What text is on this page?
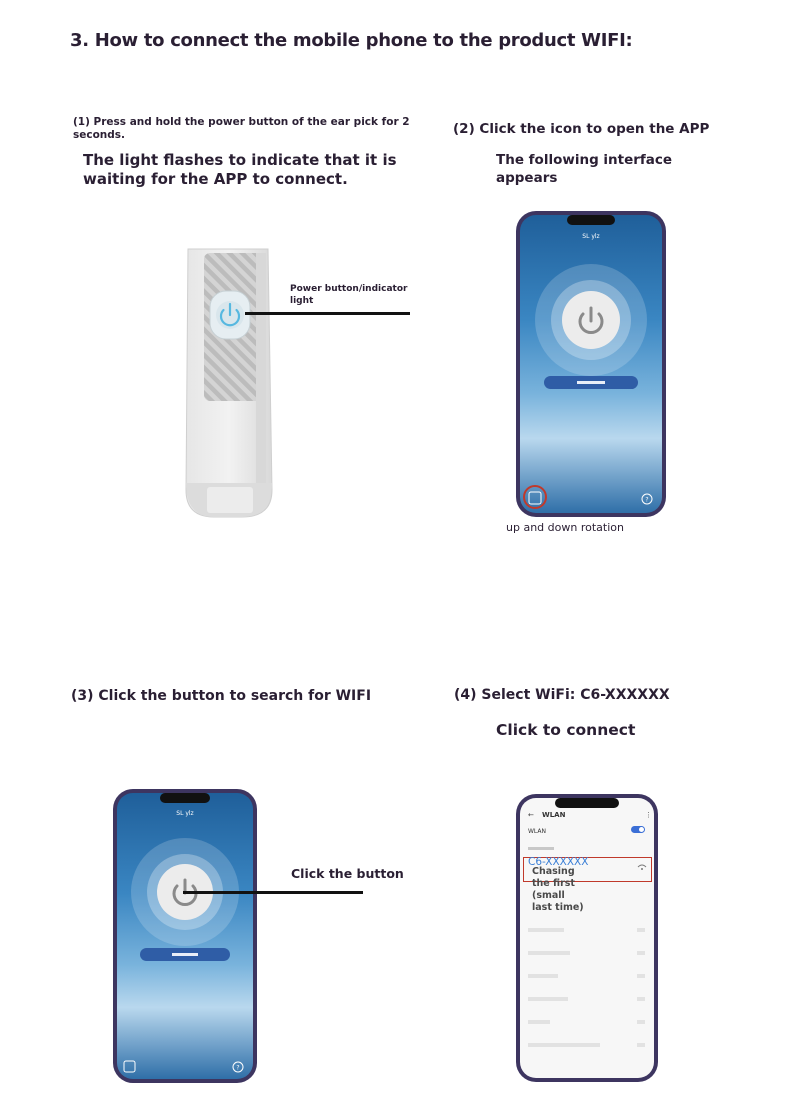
3. How to connect the mobile phone to the product WIFI:
(1) Press and hold the power button of the ear pick for 2 seconds.
The light flashes to indicate that it is waiting for the APP to connect.
Power button/indicator light
(2) Click the icon to open the APP
The following interface appears
SL ylz
?
up and down rotation
(3) Click the button to search for WIFI
SL ylz
?
Click the button
(4) Select WiFi: C6-XXXXXX
Click to connect
← WLAN	⋮
WLAN
C6-XXXXXX
Chasing the first (small last time)
